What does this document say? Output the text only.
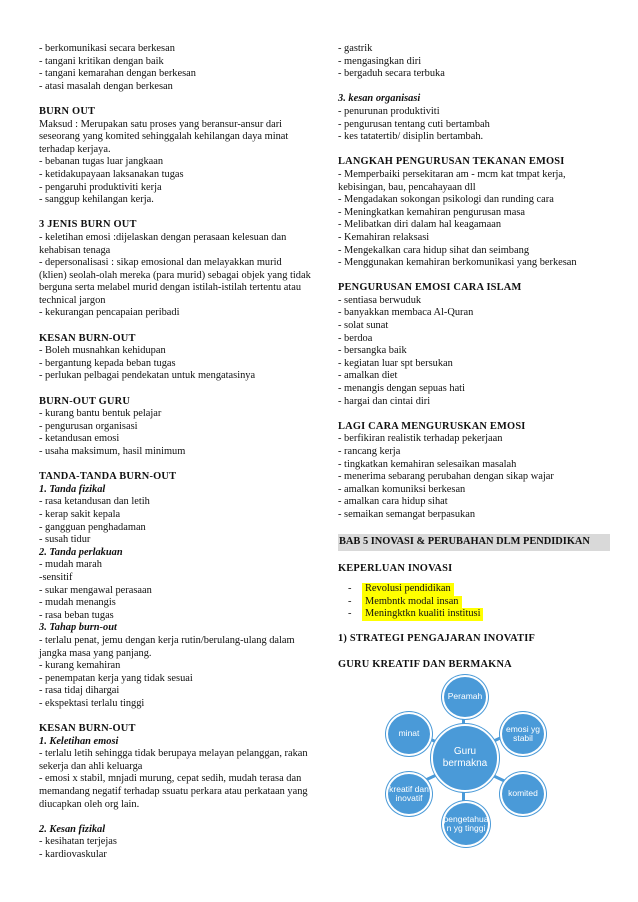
- berkomunikasi secara berkesan
- tangani kritikan dengan baik
- tangani kemarahan dengan berkesan
- atasi masalah dengan berkesan
BURN OUT
Maksud : Merupakan satu proses yang beransur-ansur dari seseorang yang komited sehinggalah kehilangan daya minat terhadap kerjaya.
- bebanan tugas luar jangkaan
- ketidakupayaan laksanakan tugas
- pengaruhi produktiviti kerja
- sanggup kehilangan kerja.
3 JENIS BURN OUT
- keletihan emosi :dijelaskan dengan perasaan kelesuan dan kehabisan tenaga
- depersonalisasi : sikap emosional dan melayakkan murid (klien) seolah-olah mereka (para murid) sebagai objek yang tidak berguna serta melabel murid dengan istilah-istilah tertentu atau technical jargon
- kekurangan pencapaian peribadi
KESAN BURN-OUT
- Boleh musnahkan kehidupan
- bergantung kepada beban tugas
- perlukan pelbagai pendekatan untuk mengatasinya
BURN-OUT GURU
- kurang bantu bentuk pelajar
- pengurusan organisasi
- ketandusan emosi
- usaha maksimum, hasil minimum
TANDA-TANDA BURN-OUT
1. Tanda fizikal
- rasa ketandusan dan letih
- kerap sakit kepala
- gangguan penghadaman
- susah tidur
2. Tanda perlakuan
- mudah marah
-sensitif
- sukar mengawal perasaan
- mudah menangis
- rasa beban tugas
3. Tahap burn-out
- terlalu penat, jemu dengan kerja rutin/berulang-ulang dalam jangka masa yang panjang.
- kurang kemahiran
- penempatan kerja yang tidak sesuai
- rasa tidaj dihargai
- ekspektasi terlalu tinggi
KESAN BURN-OUT
1. Keletihan emosi
- terlalu letih sehingga tidak berupaya melayan pelanggan, rakan sekerja dan ahli keluarga
- emosi x stabil, mnjadi murung, cepat sedih, mudah terasa dan memandang negatif terhadap ssuatu perkara atau perkataan yang diucapkan oleh org lain.
2. Kesan fizikal
- kesihatan terjejas
- kardiovaskular
- gastrik
- mengasingkan diri
- bergaduh secara terbuka
3. kesan organisasi
- penurunan produktiviti
- pengurusan tentang cuti bertambah
- kes tatatertib/ disiplin bertambah.
LANGKAH PENGURUSAN TEKANAN EMOSI
- Memperbaiki persekitaran am - mcm kat tmpat kerja, kebisingan, bau, pencahayaan dll
- Mengadakan sokongan psikologi dan runding cara
- Meningkatkan kemahiran pengurusan masa
- Melibatkan diri dalam hal keagamaan
- Kemahiran relaksasi
- Mengekalkan cara hidup sihat dan seimbang
- Menggunakan kemahiran berkomunikasi yang berkesan
PENGURUSAN EMOSI CARA ISLAM
- sentiasa berwuduk
- banyakkan membaca Al-Quran
- solat sunat
- berdoa
- bersangka baik
- kegiatan luar spt bersukan
- amalkan diet
- menangis dengan sepuas hati
- hargai dan cintai diri
LAGI CARA MENGURUSKAN EMOSI
- berfikiran realistik terhadap pekerjaan
- rancang kerja
- tingkatkan kemahiran selesaikan masalah
- menerima sebarang perubahan dengan sikap wajar
- amalkan komuniksi berkesan
- amalkan cara hidup sihat
- semaikan semangat berpasukan
BAB 5 INOVASI & PERUBAHAN DLM PENDIDIKAN
KEPERLUAN INOVASI
-	Revolusi pendidikan
-	Membntk modal insan
-	Meningktkn kualiti institusi
1) STRATEGI PENGAJARAN INOVATIF
GURU KREATIF DAN BERMAKNA
Peramah
emosi yg stabil
komited
pengetahua n yg tinggi
kreatif dan inovatif
minat
Guru bermakna
